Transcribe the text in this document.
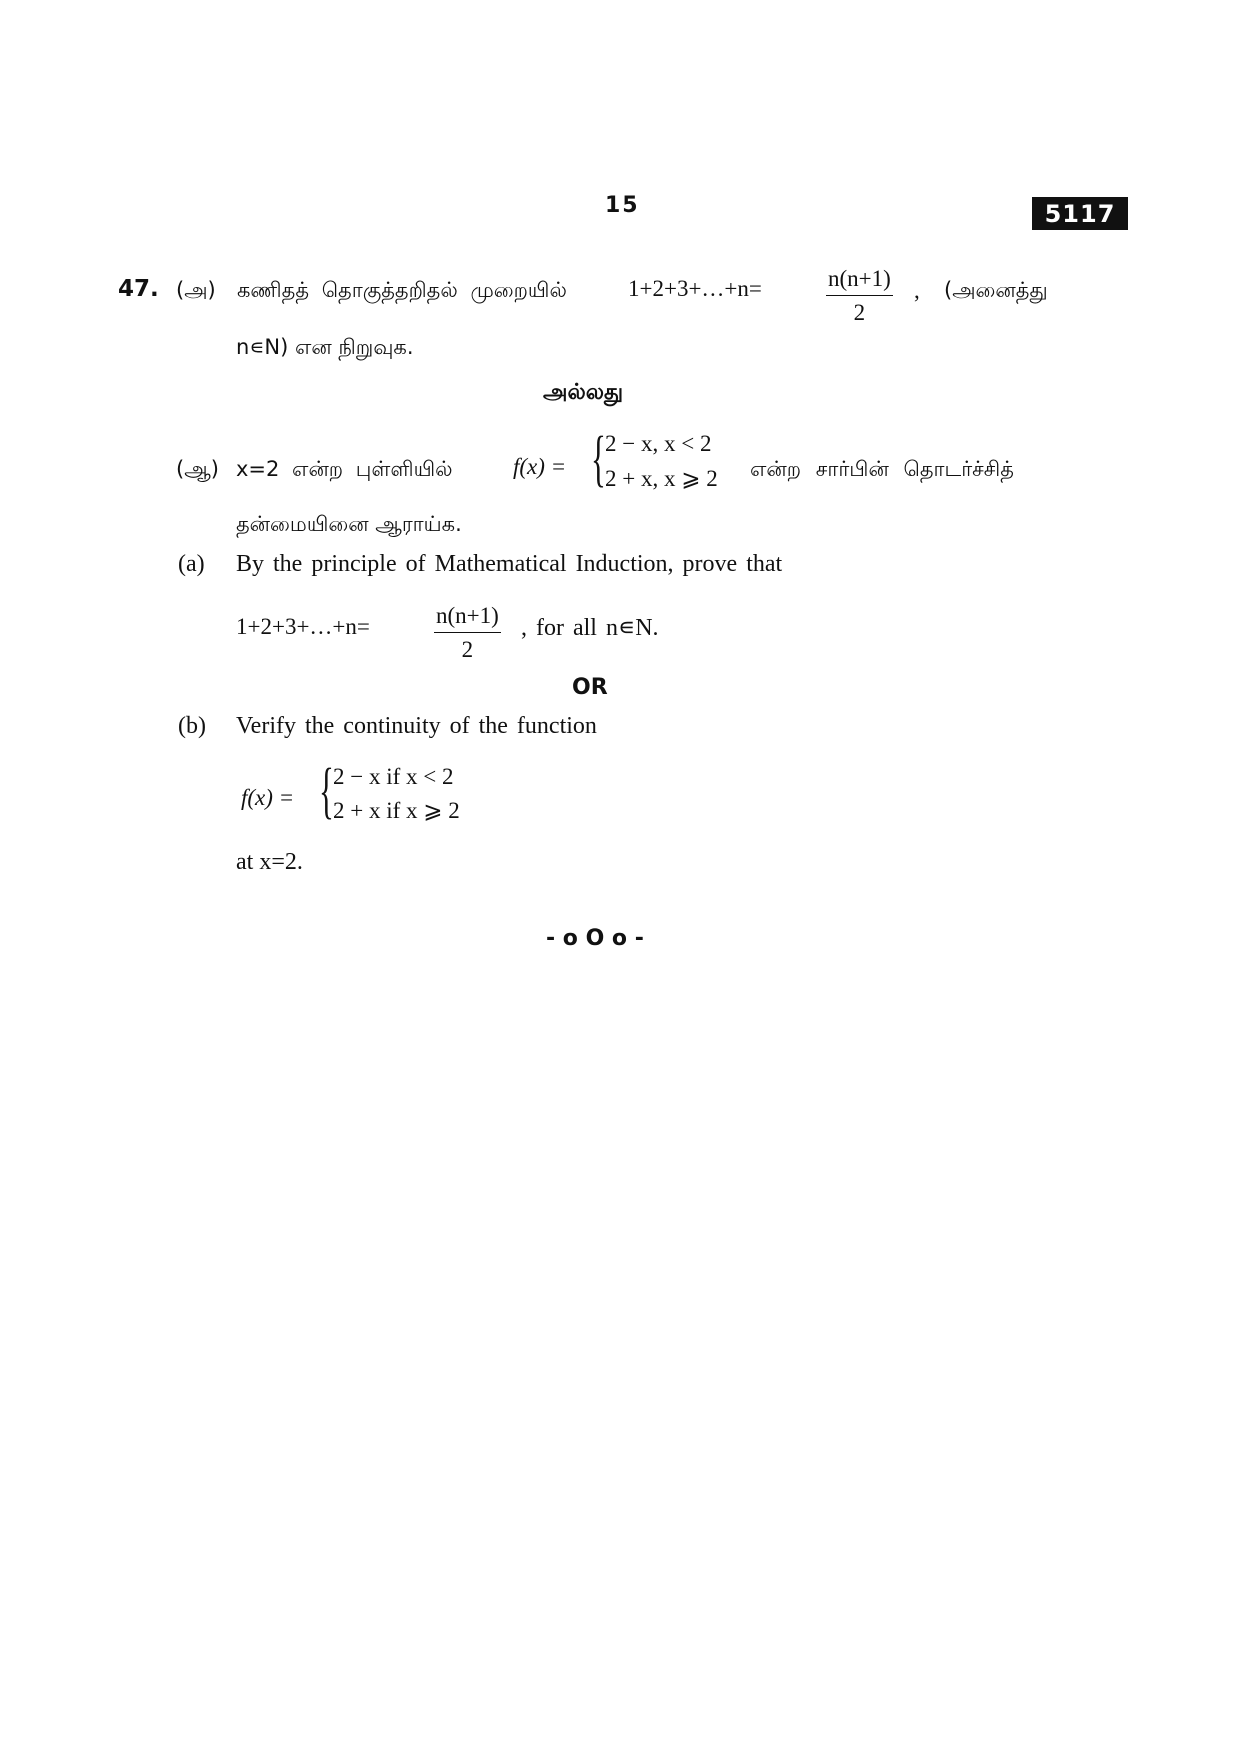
15	5117
47. (அ) கணிதத் தொகுத்தறிதல் முறையில்	1+2+3+…+n=	$\frac{n(n+1)}{2}$ , (அனைத்து
n∊N) என நிறுவுக.
அல்லது
(ஆ) x=2 என்ற புள்ளியில்	f(x) = { 2 − x, x < 2
2 + x, x ⩾ 2 என்ற சார்பின் தொடர்ச்சித்
தன்மையினை ஆராய்க.
(a) By the principle of Mathematical Induction, prove that
1+2+3+…+n=	$\frac{n(n+1)}{2}$ , for all n∊N.
OR
(b) Verify the continuity of the function
f(x) = { 2 − x if x < 2
2 + x if x ⩾ 2
at x=2.
- o O o -
